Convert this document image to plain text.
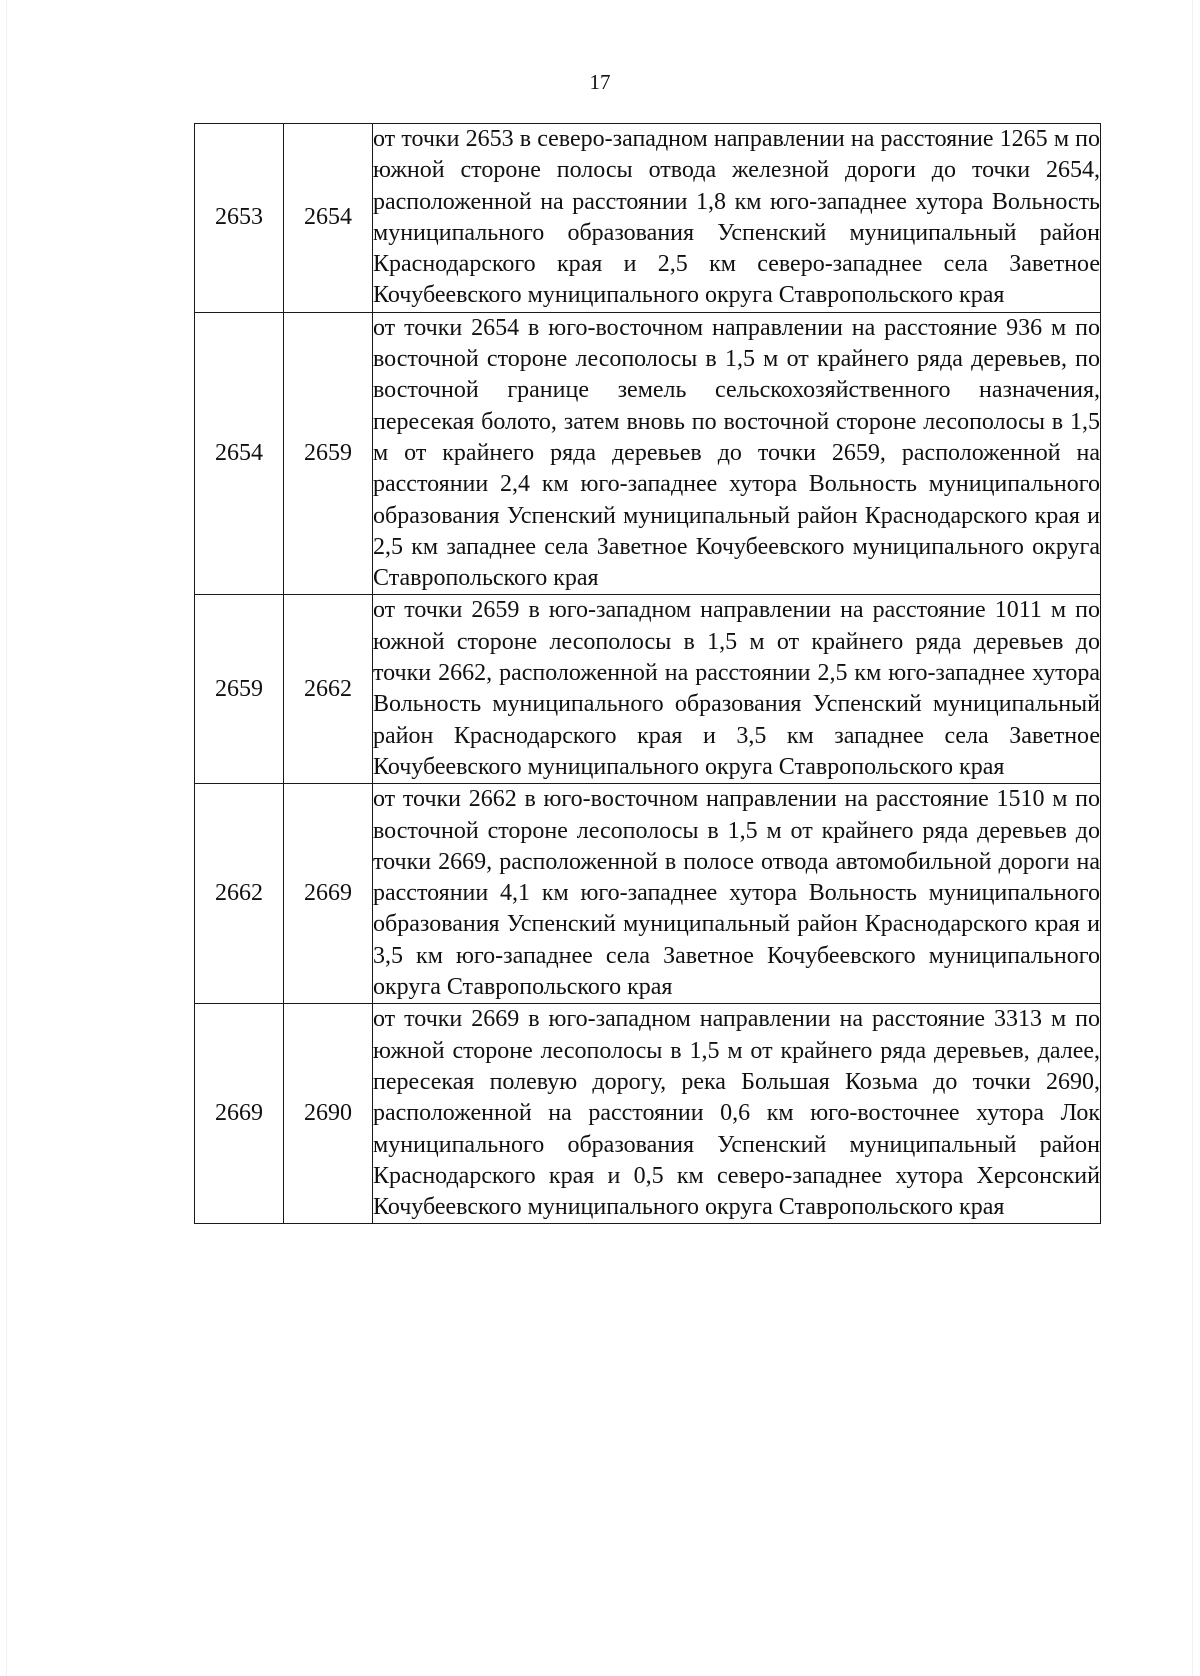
17
2653	2654	от точки 2653 в северо-западном направлении на расстояние 1265 м по южной стороне полосы отвода железной дороги до точки 2654, расположенной на расстоянии 1,8 км юго-западнее хутора Вольность муниципального образования Успенский муниципальный район Краснодарского края и 2,5 км северо-западнее села Заветное Кочубеевского муниципального округа Ставропольского края
2654	2659	от точки 2654 в юго-восточном направлении на расстояние 936 м по восточной стороне лесополосы в 1,5 м от крайнего ряда деревьев, по восточной границе земель сельскохозяйственного назначения, пересекая болото, затем вновь по восточной стороне лесополосы в 1,5 м от крайнего ряда деревьев до точки 2659, расположенной на расстоянии 2,4 км юго-западнее хутора Вольность муниципального образования Успенский муниципальный район Краснодарского края и 2,5 км западнее села Заветное Кочубеевского муниципального округа Ставропольского края
2659	2662	от точки 2659 в юго-западном направлении на расстояние 1011 м по южной стороне лесополосы в 1,5 м от крайнего ряда деревьев до точки 2662, расположенной на расстоянии 2,5 км юго-западнее хутора Вольность муниципального образования Успенский муниципальный район Краснодарского края и 3,5 км западнее села Заветное Кочубеевского муниципального округа Ставропольского края
2662	2669	от точки 2662 в юго-восточном направлении на расстояние 1510 м по восточной стороне лесополосы в 1,5 м от крайнего ряда деревьев до точки 2669, расположенной в полосе отвода автомобильной дороги на расстоянии 4,1 км юго-западнее хутора Вольность муниципального образования Успенский муниципальный район Краснодарского края и 3,5 км юго-западнее села Заветное Кочубеевского муниципального округа Ставропольского края
2669	2690	от точки 2669 в юго-западном направлении на расстояние 3313 м по южной стороне лесополосы в 1,5 м от крайнего ряда деревьев, далее, пересекая полевую дорогу, река Большая Козьма до точки 2690, расположенной на расстоянии 0,6 км юго-восточнее хутора Лок муниципального образования Успенский муниципальный район Краснодарского края и 0,5 км северо-западнее хутора Херсонский Кочубеевского муниципального округа Ставропольского края
